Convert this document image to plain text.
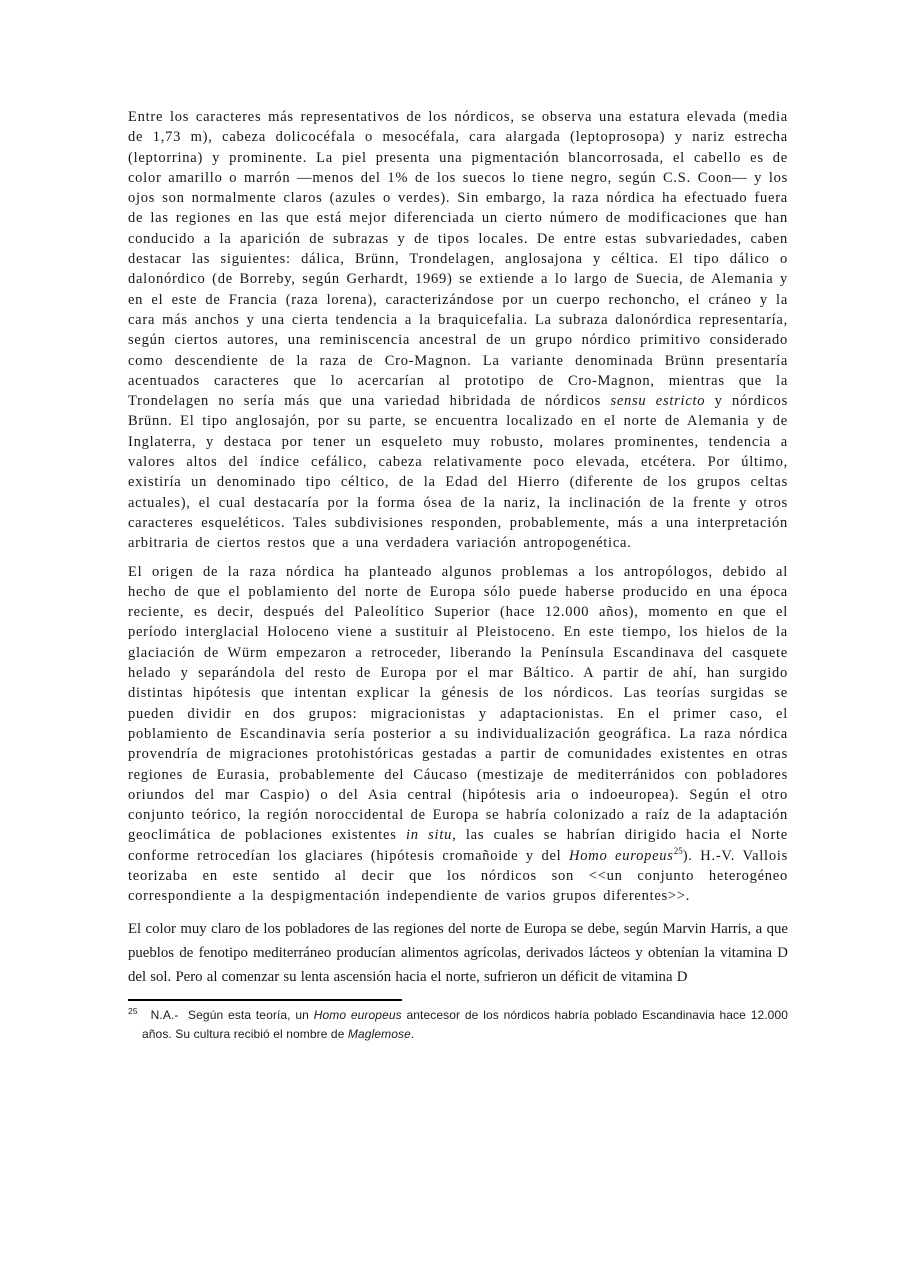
Entre los caracteres más representativos de los nórdicos, se observa una estatura elevada (media de 1,73 m), cabeza dolicocéfala o mesocéfala, cara alargada (leptoprosopa) y nariz estrecha (leptorrina) y prominente. La piel presenta una pigmentación blancorrosada, el cabello es de color amarillo o marrón —menos del 1% de los suecos lo tiene negro, según C.S. Coon— y los ojos son normalmente claros (azules o verdes). Sin embargo, la raza nórdica ha efectuado fuera de las regiones en las que está mejor diferenciada un cierto número de modificaciones que han conducido a la aparición de subrazas y de tipos locales. De entre estas subvariedades, caben destacar las siguientes: dálica, Brünn, Trondelagen, anglosajona y céltica. El tipo dálico o dalonórdico (de Borreby, según Gerhardt, 1969) se extiende a lo largo de Suecia, de Alemania y en el este de Francia (raza lorena), caracterizándose por un cuerpo rechoncho, el cráneo y la cara más anchos y una cierta tendencia a la braquicefalia. La subraza dalonórdica representaría, según ciertos autores, una reminiscencia ancestral de un grupo nórdico primitivo considerado como descendiente de la raza de Cro-Magnon. La variante denominada Brünn presentaría acentuados caracteres que lo acercarían al prototipo de Cro-Magnon, mientras que la Trondelagen no sería más que una variedad hibridada de nórdicos sensu estricto y nórdicos Brünn. El tipo anglosajón, por su parte, se encuentra localizado en el norte de Alemania y de Inglaterra, y destaca por tener un esqueleto muy robusto, molares prominentes, tendencia a valores altos del índice cefálico, cabeza relativamente poco elevada, etcétera. Por último, existiría un denominado tipo céltico, de la Edad del Hierro (diferente de los grupos celtas actuales), el cual destacaría por la forma ósea de la nariz, la inclinación de la frente y otros caracteres esqueléticos. Tales subdivisiones responden, probablemente, más a una interpretación arbitraria de ciertos restos que a una verdadera variación antropogenética.

El origen de la raza nórdica ha planteado algunos problemas a los antropólogos, debido al hecho de que el poblamiento del norte de Europa sólo puede haberse producido en una época reciente, es decir, después del Paleolítico Superior (hace 12.000 años), momento en que el período interglacial Holoceno viene a sustituir al Pleistoceno. En este tiempo, los hielos de la glaciación de Würm empezaron a retroceder, liberando la Península Escandinava del casquete helado y separándola del resto de Europa por el mar Báltico. A partir de ahí, han surgido distintas hipótesis que intentan explicar la génesis de los nórdicos. Las teorías surgidas se pueden dividir en dos grupos: migracionistas y adaptacionistas. En el primer caso, el poblamiento de Escandinavia sería posterior a su individualización geográfica. La raza nórdica provendría de migraciones protohistóricas gestadas a partir de comunidades existentes en otras regiones de Eurasia, probablemente del Cáucaso (mestizaje de mediterránidos con pobladores oriundos del mar Caspio) o del Asia central (hipótesis aria o indoeuropea). Según el otro conjunto teórico, la región noroccidental de Europa se habría colonizado a raíz de la adaptación geoclimática de poblaciones existentes in situ, las cuales se habrían dirigido hacia el Norte conforme retrocedían los glaciares (hipótesis cromañoide y del Homo europeus$^{25}$). H.-V. Vallois teorizaba en este sentido al decir que los nórdicos son <<un conjunto heterogéneo correspondiente a la despigmentación independiente de varios grupos diferentes>>.

El color muy claro de los pobladores de las regiones del norte de Europa se debe, según Marvin Harris, a que pueblos de fenotipo mediterráneo producían alimentos agrícolas, derivados lácteos y obtenían la vitamina D del sol. Pero al comenzar su lenta ascensión hacia el norte, sufrieron un déficit de vitamina D

$^{25}$ N.A.-  Según esta teoría, un Homo europeus antecesor de los nórdicos habría poblado Escandinavia hace 12.000 años. Su cultura recibió el nombre de Maglemose.
